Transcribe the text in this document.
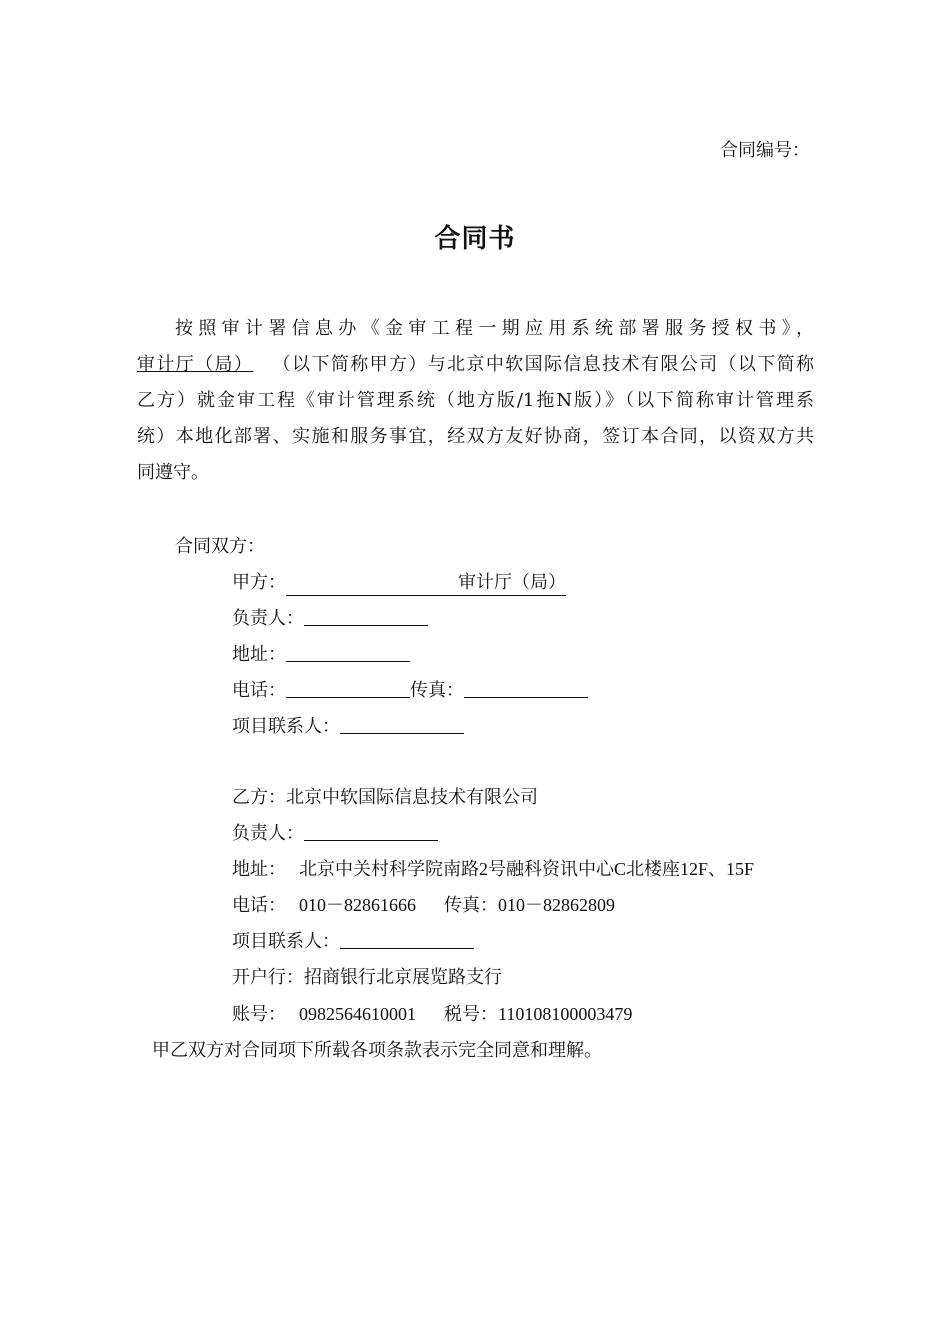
合同编号：
合同书
按照审计署信息办《金审工程一期应用系统部署服务授权书》，
审计厅（局）  （以下简称甲方）与北京中软国际信息技术有限公司（以下简称
乙方）就金审工程《审计管理系统（地方版/1拖N版）》（以下简称审计管理系
统）本地化部署、实施和服务事宜，经双方友好协商，签订本合同，以资双方共
同遵守。
合同双方：
甲方：	审计厅（局）
负责人：
地址：
电话：	传真：
项目联系人：
乙方：北京中软国际信息技术有限公司
负责人：
地址： 北京中关村科学院南路2号融科资讯中心C北楼座12F、15F
电话： 010－82861666 传真：010－82862809
项目联系人：
开户行：招商银行北京展览路支行
账号： 0982564610001 税号：110108100003479
甲乙双方对合同项下所载各项条款表示完全同意和理解。
